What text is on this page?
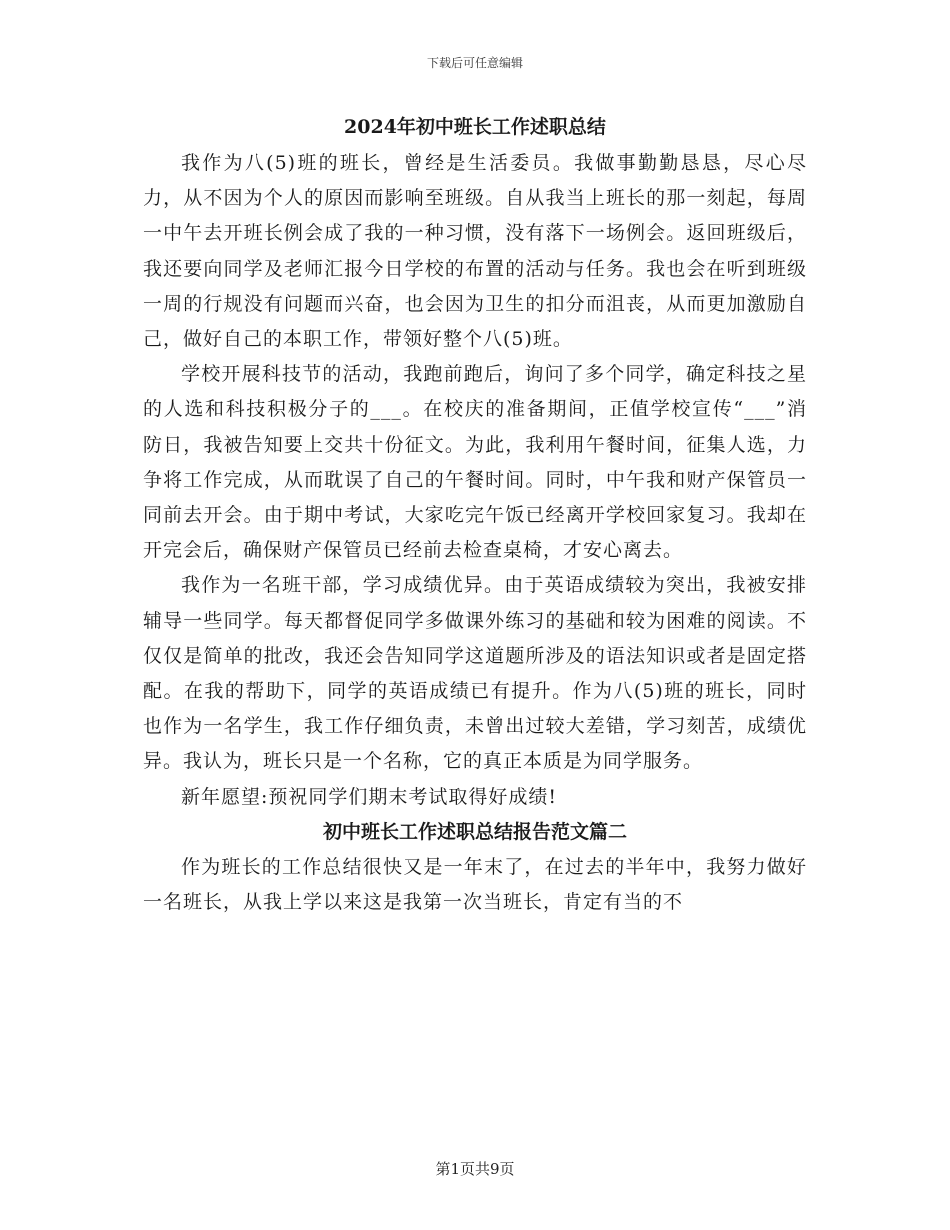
下载后可任意编辑
2024年初中班长工作述职总结

我作为八(5)班的班长，曾经是生活委员。我做事勤勤恳恳，尽心尽力，从不因为个人的原因而影响至班级。自从我当上班长的那一刻起，每周一中午去开班长例会成了我的一种习惯，没有落下一场例会。返回班级后，我还要向同学及老师汇报今日学校的布置的活动与任务。我也会在听到班级一周的行规没有问题而兴奋，也会因为卫生的扣分而沮丧，从而更加激励自己，做好自己的本职工作，带领好整个八(5)班。

学校开展科技节的活动，我跑前跑后，询问了多个同学，确定科技之星的人选和科技积极分子的___。在校庆的准备期间，正值学校宣传“___”消防日，我被告知要上交共十份征文。为此，我利用午餐时间，征集人选，力争将工作完成，从而耽误了自己的午餐时间。同时，中午我和财产保管员一同前去开会。由于期中考试，大家吃完午饭已经离开学校回家复习。我却在开完会后，确保财产保管员已经前去检查桌椅，才安心离去。

我作为一名班干部，学习成绩优异。由于英语成绩较为突出，我被安排辅导一些同学。每天都督促同学多做课外练习的基础和较为困难的阅读。不仅仅是简单的批改，我还会告知同学这道题所涉及的语法知识或者是固定搭配。在我的帮助下，同学的英语成绩已有提升。作为八(5)班的班长，同时也作为一名学生，我工作仔细负责，未曾出过较大差错，学习刻苦，成绩优异。我认为，班长只是一个名称，它的真正本质是为同学服务。

新年愿望:预祝同学们期末考试取得好成绩!

初中班长工作述职总结报告范文篇二

作为班长的工作总结很快又是一年末了，在过去的半年中，我努力做好一名班长，从我上学以来这是我第一次当班长，肯定有当的不

第1页共9页
